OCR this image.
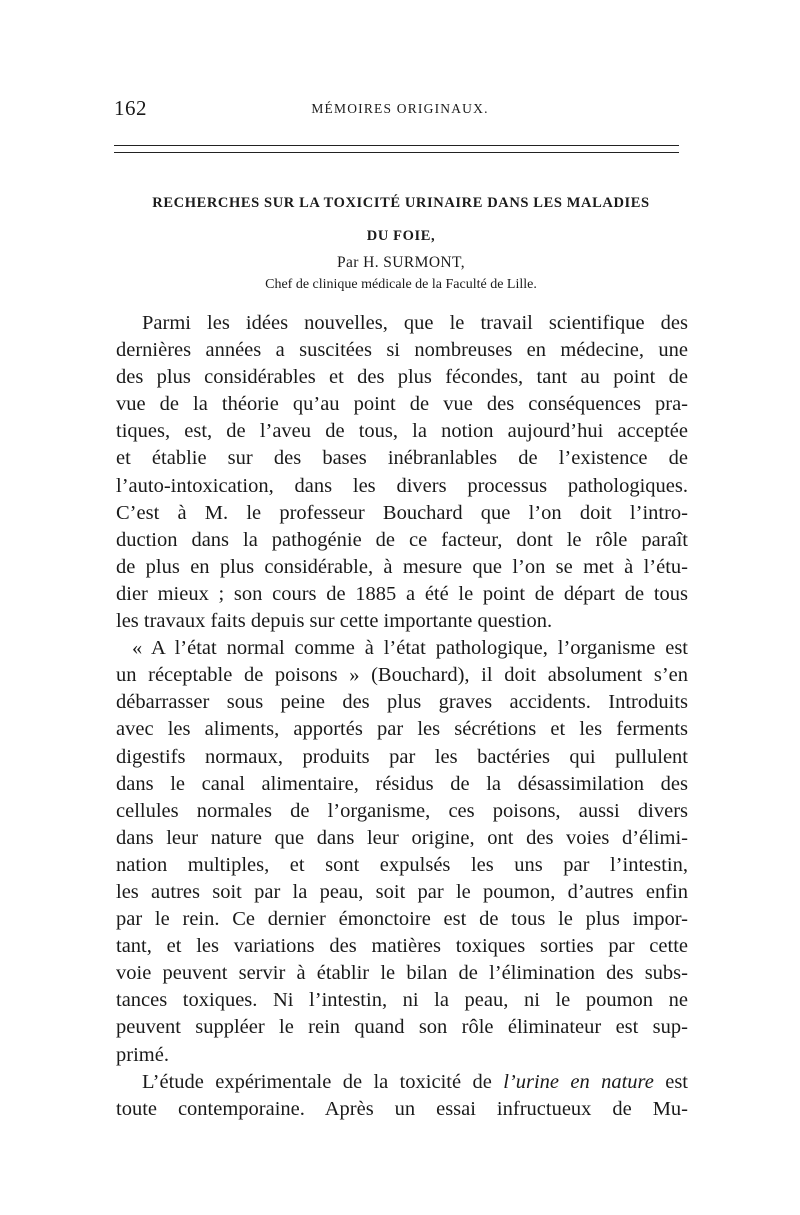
162	MÉMOIRES ORIGINAUX.
RECHERCHES SUR LA TOXICITÉ URINAIRE DANS LES MALADIES
DU FOIE,
Par H. SURMONT,
Chef de clinique médicale de la Faculté de Lille.
Parmi les idées nouvelles, que le travail scientifique des
dernières années a suscitées si nombreuses en médecine, une
des plus considérables et des plus fécondes, tant au point de
vue de la théorie qu’au point de vue des conséquences pra-
tiques, est, de l’aveu de tous, la notion aujourd’hui acceptée
et établie sur des bases inébranlables de l’existence de
l’auto-intoxication, dans les divers processus pathologiques.
C’est à M. le professeur Bouchard que l’on doit l’intro-
duction dans la pathogénie de ce facteur, dont le rôle paraît
de plus en plus considérable, à mesure que l’on se met à l’étu-
dier mieux ; son cours de 1885 a été le point de départ de tous
les travaux faits depuis sur cette importante question.
« A l’état normal comme à l’état pathologique, l’organisme est
un réceptable de poisons » (Bouchard), il doit absolument s’en
débarrasser sous peine des plus graves accidents. Introduits
avec les aliments, apportés par les sécrétions et les ferments
digestifs normaux, produits par les bactéries qui pullulent
dans le canal alimentaire, résidus de la désassimilation des
cellules normales de l’organisme, ces poisons, aussi divers
dans leur nature que dans leur origine, ont des voies d’élimi-
nation multiples, et sont expulsés les uns par l’intestin,
les autres soit par la peau, soit par le poumon, d’autres enfin
par le rein. Ce dernier émonctoire est de tous le plus impor-
tant, et les variations des matières toxiques sorties par cette
voie peuvent servir à établir le bilan de l’élimination des subs-
tances toxiques. Ni l’intestin, ni la peau, ni le poumon ne
peuvent suppléer le rein quand son rôle éliminateur est sup-
primé.
L’étude expérimentale de la toxicité de l’urine en nature est
toute contemporaine. Après un essai infructueux de Mu-
